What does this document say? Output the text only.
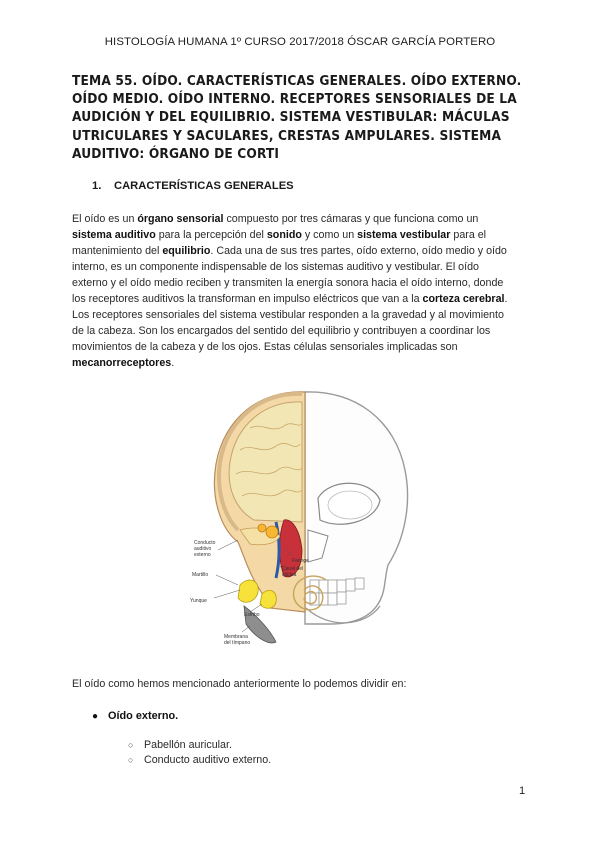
HISTOLOGÍA HUMANA 1º CURSO 2017/2018 ÓSCAR GARCÍA PORTERO
TEMA 55. OÍDO. CARACTERÍSTICAS GENERALES. OÍDO EXTERNO.
OÍDO MEDIO. OÍDO INTERNO. RECEPTORES SENSORIALES DE LA
AUDICIÓN Y DEL EQUILIBRIO. SISTEMA VESTIBULAR: MÁCULAS
UTRICULARES Y SACULARES, CRESTAS AMPULARES. SISTEMA
AUDITIVO: ÓRGANO DE CORTI
1. CARACTERÍSTICAS GENERALES
El oído es un órgano sensorial compuesto por tres cámaras y que funciona como un
sistema auditivo para la percepción del sonido y como un sistema vestibular para el
mantenimiento del equilibrio. Cada una de sus tres partes, oído externo, oído medio y oído
interno, es un componente indispensable de los sistemas auditivo y vestibular. El oído
externo y el oído medio reciben y transmiten la energía sonora hacia el oído interno, donde
los receptores auditivos la transforman en impulso eléctricos que van a la corteza cerebral.
Los receptores sensoriales del sistema vestibular responden a la gravedad y al movimiento
de la cabeza. Son los encargados del sentido del equilibrio y contribuyen a coordinar los
movimientos de la cabeza y de los ojos. Estas células sensoriales implicadas son
mecanorreceptores.
Conducto
auditivo
externo
Martillo
Yunque
Estribo
Membrana
del tímpano
Canal del
cóclea
Faringe
El oído como hemos mencionado anteriormente lo podemos dividir en:
● Oído externo.
○ Pabellón auricular.
○ Conducto auditivo externo.
1
